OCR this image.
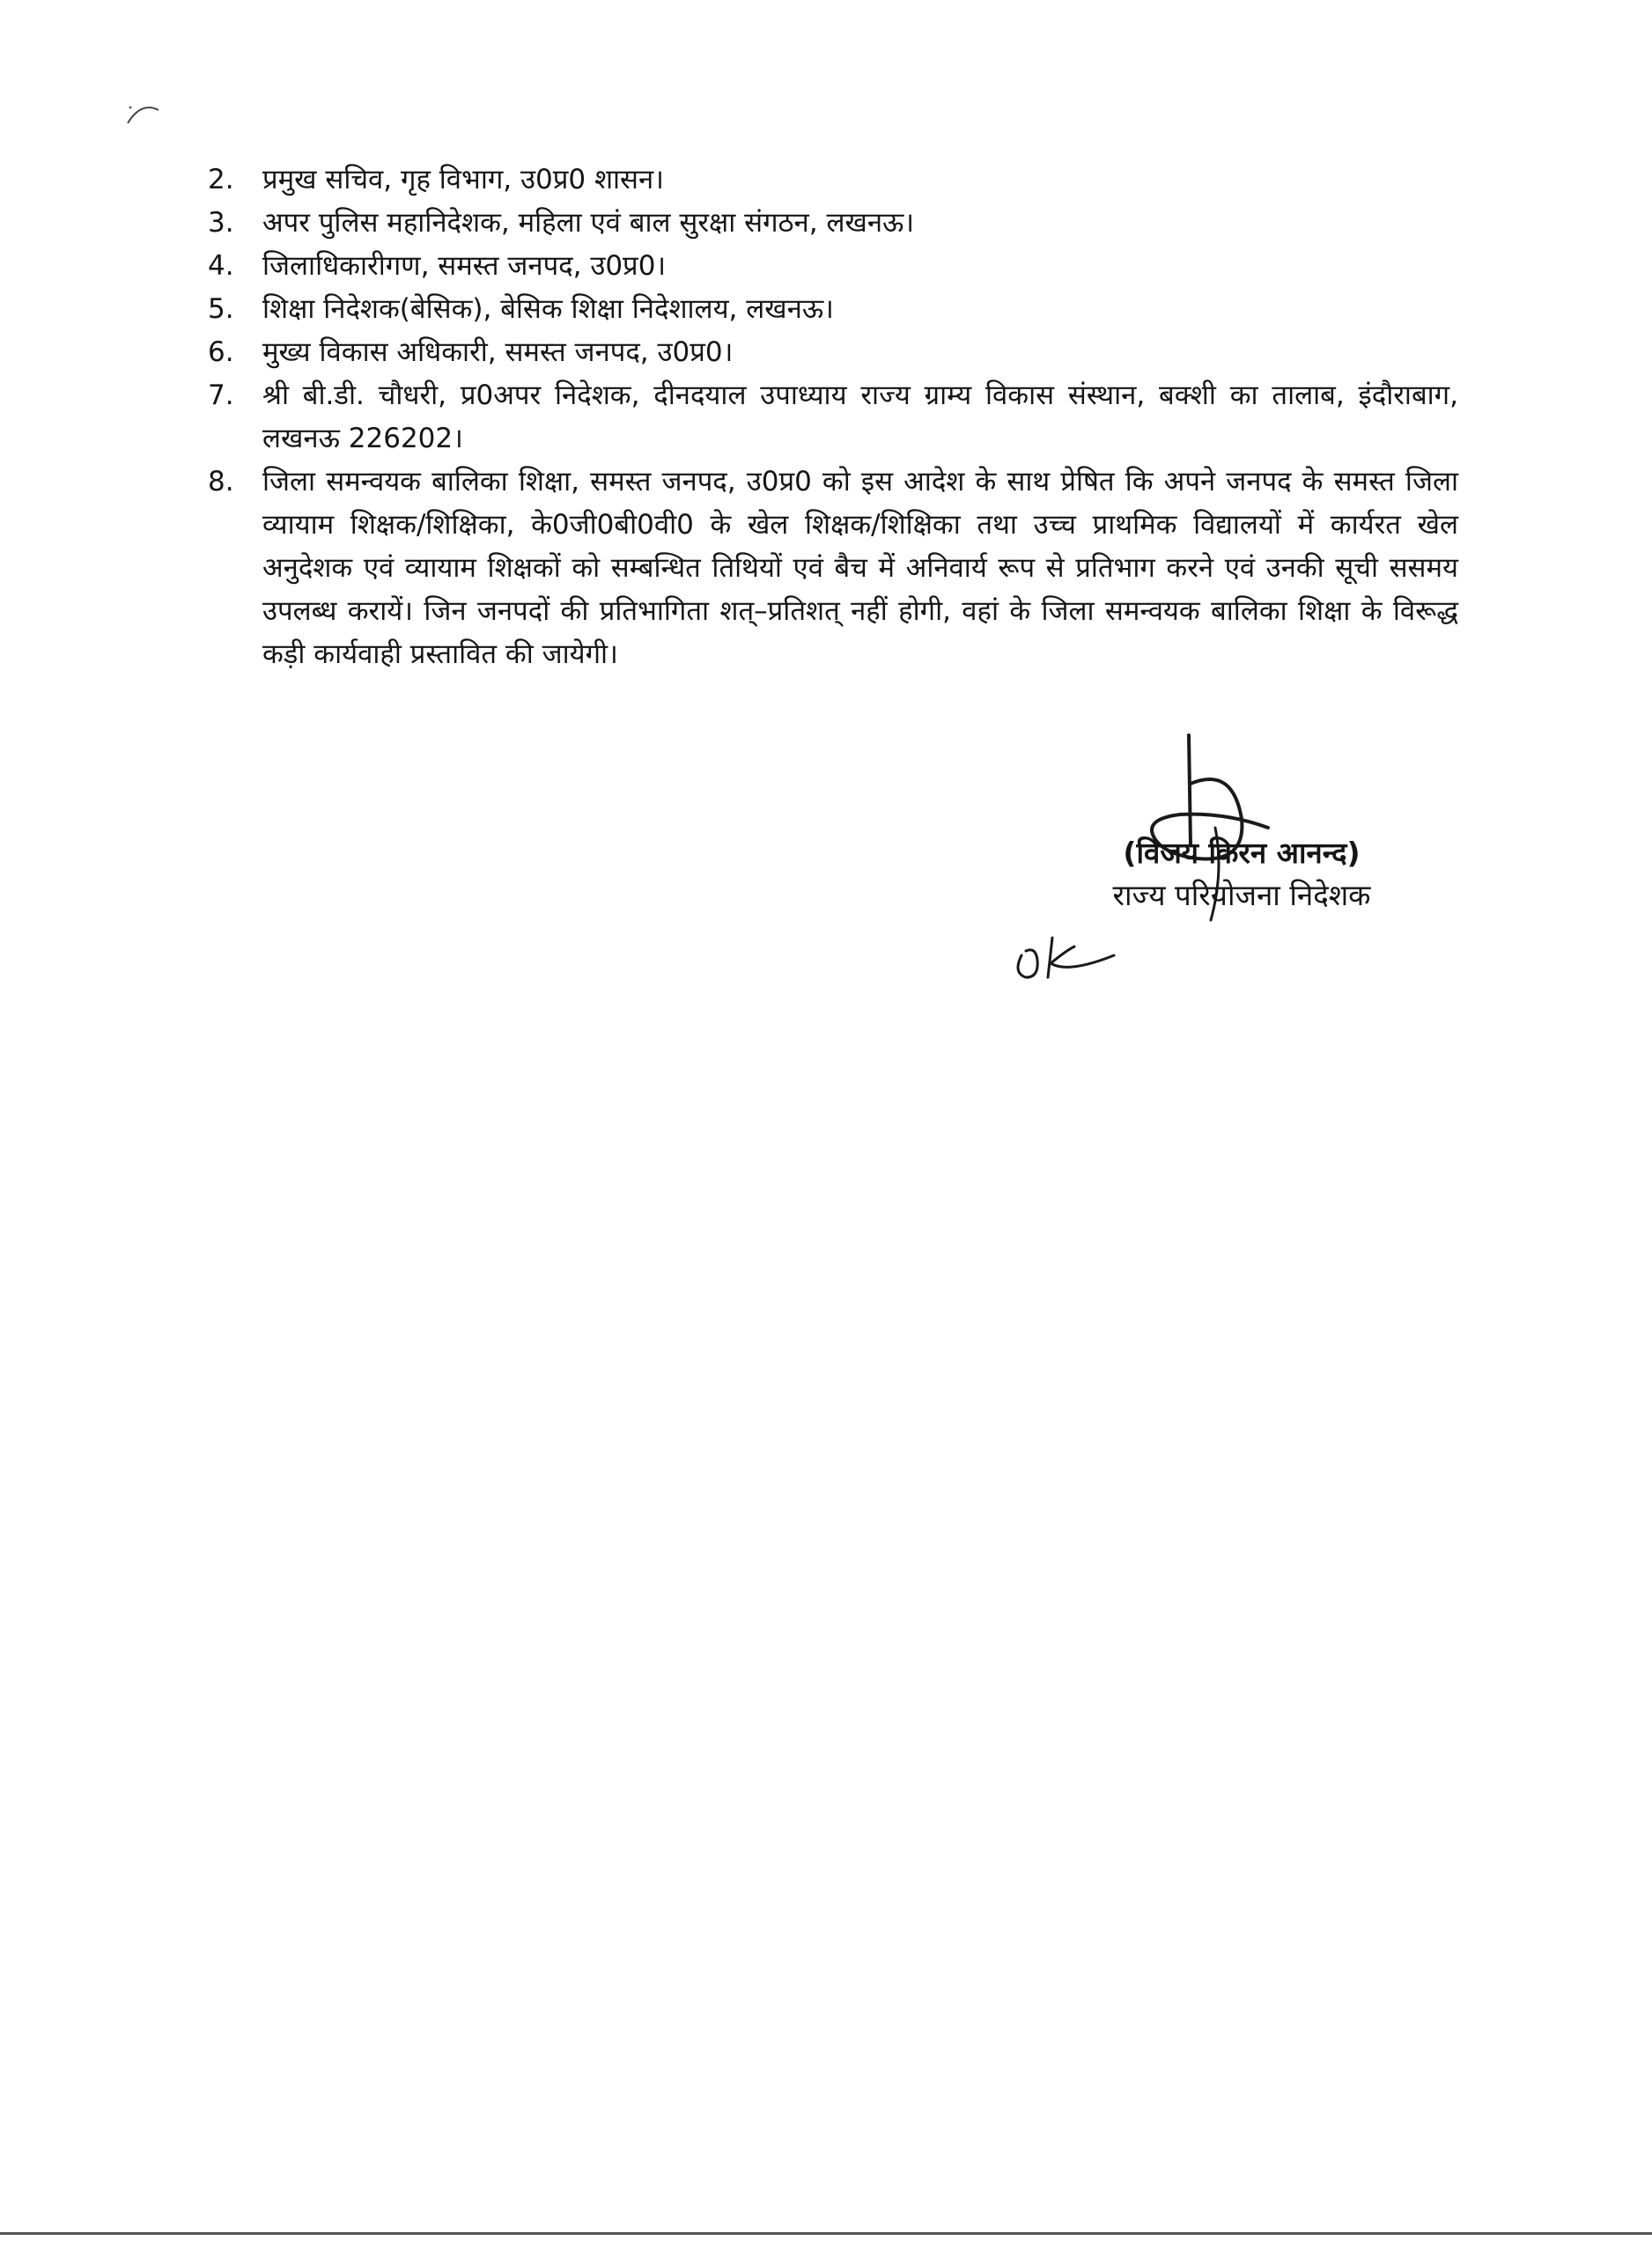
2. प्रमुख सचिव, गृह विभाग, उ0प्र0 शासन।
3. अपर पुलिस महानिदेशक, महिला एवं बाल सुरक्षा संगठन, लखनऊ।
4. जिलाधिकारीगण, समस्त जनपद, उ0प्र0।
5. शिक्षा निदेशक(बेसिक), बेसिक शिक्षा निदेशालय, लखनऊ।
6. मुख्य विकास अधिकारी, समस्त जनपद, उ0प्र0।
7. श्री बी.डी. चौधरी, प्र0अपर निदेशक, दीनदयाल उपाध्याय राज्य ग्राम्य विकास संस्थान, बक्शी का तालाब, इंदौराबाग, लखनऊ 226202।
8. जिला समन्वयक बालिका शिक्षा, समस्त जनपद, उ0प्र0 को इस आदेश के साथ प्रेषित कि अपने जनपद के समस्त जिला व्यायाम शिक्षक/शिक्षिका, के0जी0बी0वी0 के खेल शिक्षक/शिक्षिका तथा उच्च प्राथमिक विद्यालयों में कार्यरत खेल अनुदेशक एवं व्यायाम शिक्षकों को सम्बन्धित तिथियों एवं बैच में अनिवार्य रूप से प्रतिभाग करने एवं उनकी सूची ससमय उपलब्ध करायें। जिन जनपदों की प्रतिभागिता शत्–प्रतिशत् नहीं होगी, वहां के जिला समन्वयक बालिका शिक्षा के विरूद्ध कड़ी कार्यवाही प्रस्तावित की जायेगी।
(विजय किरन आनन्द)
राज्य परियोजना निदेशक
